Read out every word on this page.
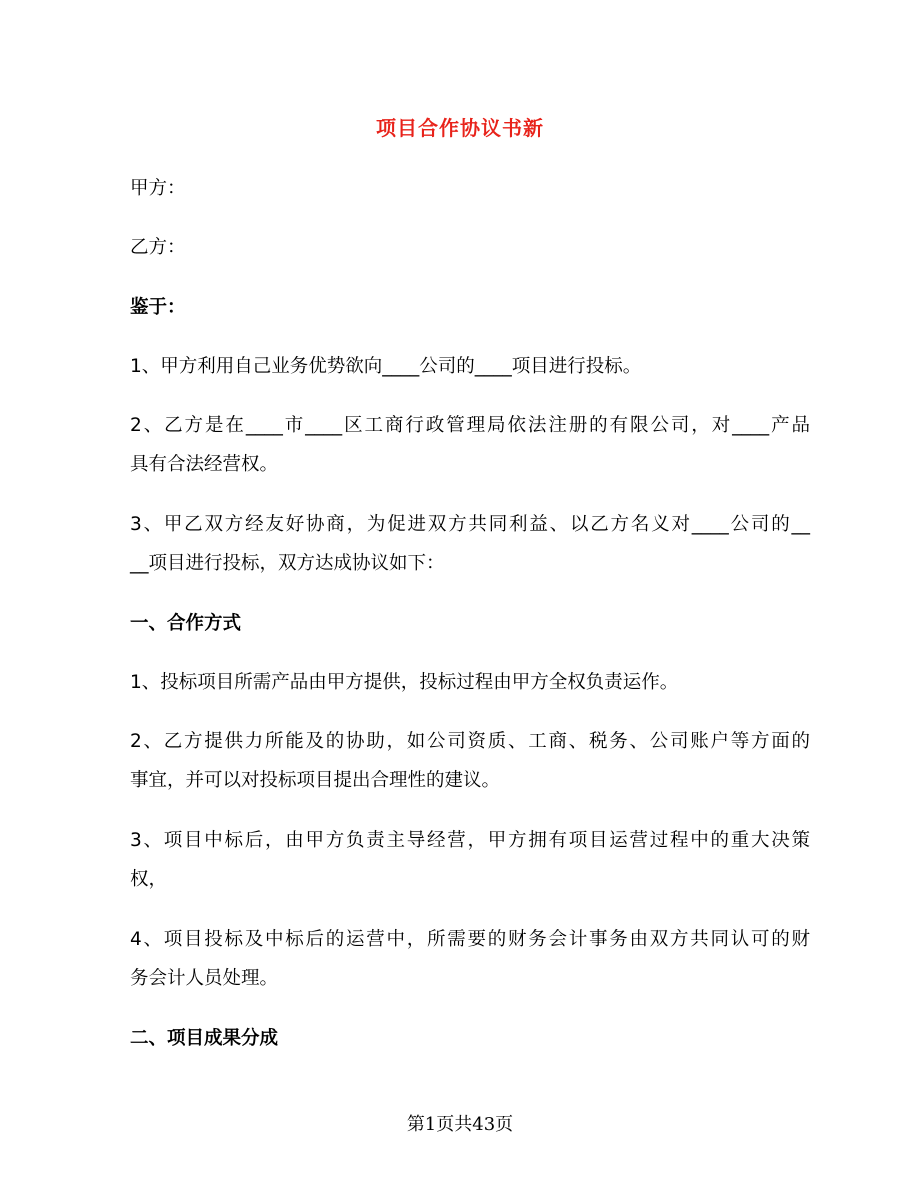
项目合作协议书新
甲方：
乙方：
鉴于：
1、甲方利用自己业务优势欲向____公司的____项目进行投标。
2、乙方是在____市____区工商行政管理局依法注册的有限公司，对____产品
具有合法经营权。
3、甲乙双方经友好协商，为促进双方共同利益、以乙方名义对____公司的__
__项目进行投标，双方达成协议如下：
一、合作方式
1、投标项目所需产品由甲方提供，投标过程由甲方全权负责运作。
2、乙方提供力所能及的协助，如公司资质、工商、税务、公司账户等方面的
事宜，并可以对投标项目提出合理性的建议。
3、项目中标后，由甲方负责主导经营，甲方拥有项目运营过程中的重大决策
权，
4、项目投标及中标后的运营中，所需要的财务会计事务由双方共同认可的财
务会计人员处理。
二、项目成果分成
第1页共43页
